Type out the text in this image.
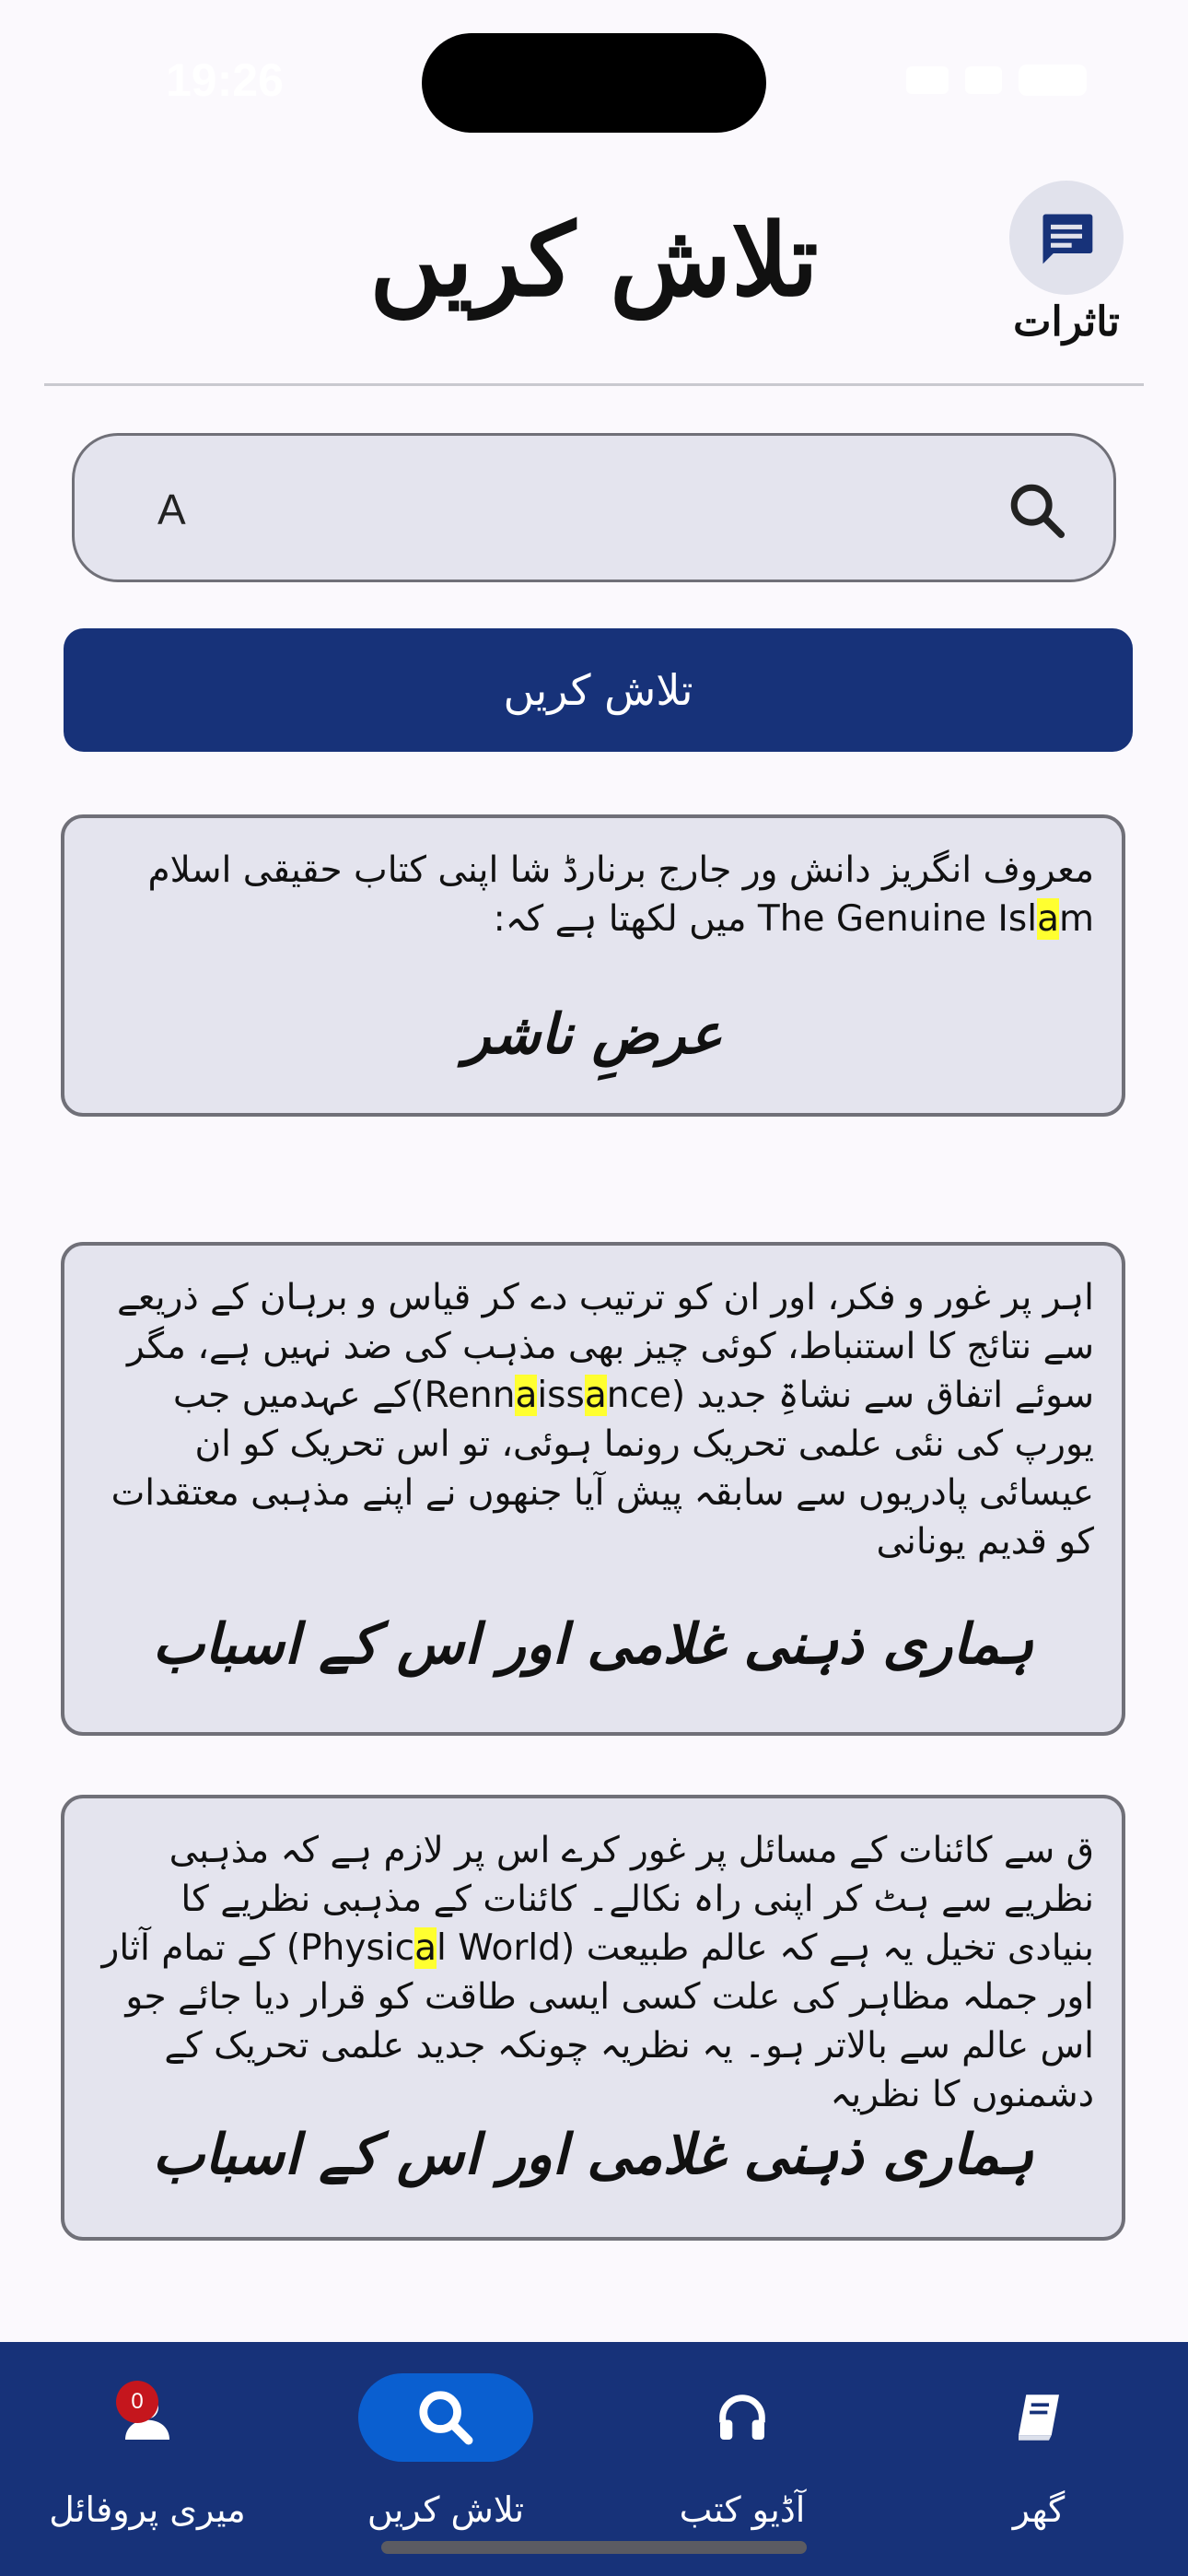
19:26
تاثرات
تلاش کریں
A
تلاش کریں
معروف انگریز دانش ور جارج برنارڈ شا اپنی کتاب حقیقی اسلام The Genuine Islam میں لکھتا ہے کہ:
عرضِ ناشر
اہر پر غور و فکر، اور ان کو ترتیب دے کر قیاس و برہان کے ذریعے سے نتائج کا استنباط، کوئی چیز بھی مذہب کی ضد نہیں ہے، مگر سوئے اتفاق سے نشاۃِ جدید (Rennaissance)کے عہدمیں جب یورپ کی نئی علمی تحریک رونما ہوئی، تو اس تحریک کو ان عیسائی پادریوں سے سابقہ پیش آیا جنھوں نے اپنے مذہبی معتقدات کو قدیم یونانی
ہماری ذہنی غلامی اور اس کے اسباب
ق سے کائنات کے مسائل پر غور کرے اس پر لازم ہے کہ مذہبی نظریے سے ہٹ کر اپنی راہ نکالے۔ کائنات کے مذہبی نظریے کا بنیادی تخیل یہ ہے کہ عالم طبیعت (Physical World) کے تمام آثار اور جملہ مظاہر کی علت کسی ایسی طاقت کو قرار دیا جائے جو اس عالم سے بالاتر ہو۔ یہ نظریہ چونکہ جدید علمی تحریک کے دشمنوں کا نظریہ
ہماری ذہنی غلامی اور اس کے اسباب
0
میری پروفائل	تلاش کریں	آڈیو کتب	گھر
